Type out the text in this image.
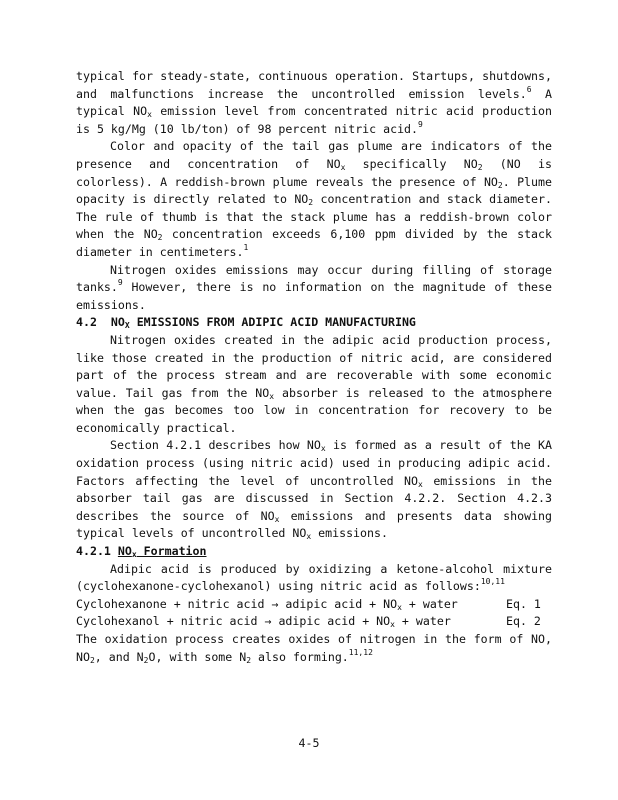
typical for steady-state, continuous operation. Startups, shutdowns, and malfunctions increase the uncontrolled emission levels.$^6$ A typical $NO_x$ emission level from concentrated nitric acid production is 5 kg/Mg (10 lb/ton) of 98 percent nitric acid.$^9$

Color and opacity of the tail gas plume are indicators of the presence and concentration of $NO_x$ specifically $NO_2$ (NO is colorless). A reddish-brown plume reveals the presence of $NO_2$. Plume opacity is directly related to $NO_2$ concentration and stack diameter. The rule of thumb is that the stack plume has a reddish-brown color when the $NO_2$ concentration exceeds 6,100 ppm divided by the stack diameter in centimeters.$^1$

Nitrogen oxides emissions may occur during filling of storage tanks.$^9$ However, there is no information on the magnitude of these emissions.

4.2 $NO_X$ EMISSIONS FROM ADIPIC ACID MANUFACTURING

Nitrogen oxides created in the adipic acid production process, like those created in the production of nitric acid, are considered part of the process stream and are recoverable with some economic value. Tail gas from the $NO_x$ absorber is released to the atmosphere when the gas becomes too low in concentration for recovery to be economically practical.

Section 4.2.1 describes how $NO_x$ is formed as a result of the KA oxidation process (using nitric acid) used in producing adipic acid. Factors affecting the level of uncontrolled $NO_x$ emissions in the absorber tail gas are discussed in Section 4.2.2. Section 4.2.3 describes the source of $NO_x$ emissions and presents data showing typical levels of uncontrolled $NO_x$ emissions.

4.2.1 $NO_x$ Formation

Adipic acid is produced by oxidizing a ketone-alcohol mixture (cyclohexanone-cyclohexanol) using nitric acid as follows:$^{10,11}$

Cyclohexanone + nitric acid → adipic acid + $NO_x$ + water	Eq. 1
Cyclohexanol + nitric acid → adipic acid + $NO_x$ + water	Eq. 2

The oxidation process creates oxides of nitrogen in the form of NO, $NO_2$, and $N_2O$, with some $N_2$ also forming.$^{11,12}$

4-5
